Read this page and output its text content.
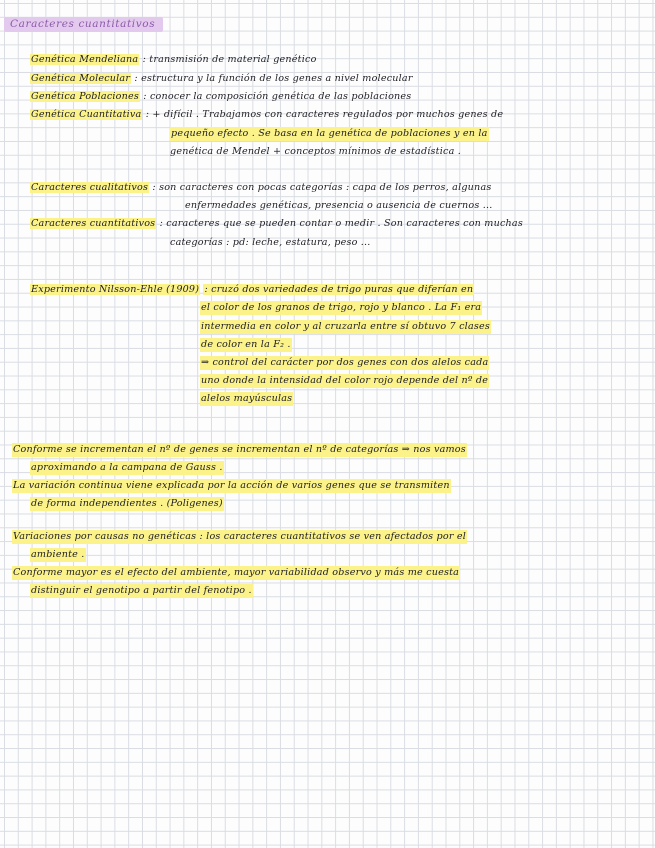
Caracteres cuantitativos
Genética Mendeliana : transmisión de material genético
Genética Molecular : estructura y la función de los genes a nivel molecular
Genética Poblaciones : conocer la composición genética de las poblaciones
Genética Cuantitativa : + difícil . Trabajamos con caracteres regulados por muchos genes de
pequeño efecto . Se basa en la genética de poblaciones y en la
genética de Mendel + conceptos mínimos de estadística .
Caracteres cualitativos : son caracteres con pocas categorías : capa de los perros, algunas
enfermedades genéticas, presencia o ausencia de cuernos ...
Caracteres cuantitativos : caracteres que se pueden contar o medir . Son caracteres con muchas
categorías : pd: leche, estatura, peso ...
Experimento Nilsson-Ehle (1909) : cruzó dos variedades de trigo puras que diferían en
el color de los granos de trigo, rojo y blanco . La F₁ era
intermedia en color y al cruzarla entre sí obtuvo 7 clases
de color en la F₂ .
⇒ control del carácter por dos genes con dos alelos cada
uno donde la intensidad del color rojo depende del nº de
alelos mayúsculas
Conforme se incrementan el nº de genes se incrementan el nº de categorías ⇒ nos vamos
aproximando a la campana de Gauss .
La variación continua viene explicada por la acción de varios genes que se transmiten
de forma independientes . (Poligenes)
Variaciones por causas no genéticas : los caracteres cuantitativos se ven afectados por el
ambiente .
Conforme mayor es el efecto del ambiente, mayor variabilidad observo y más me cuesta
distinguir el genotipo a partir del fenotipo .
